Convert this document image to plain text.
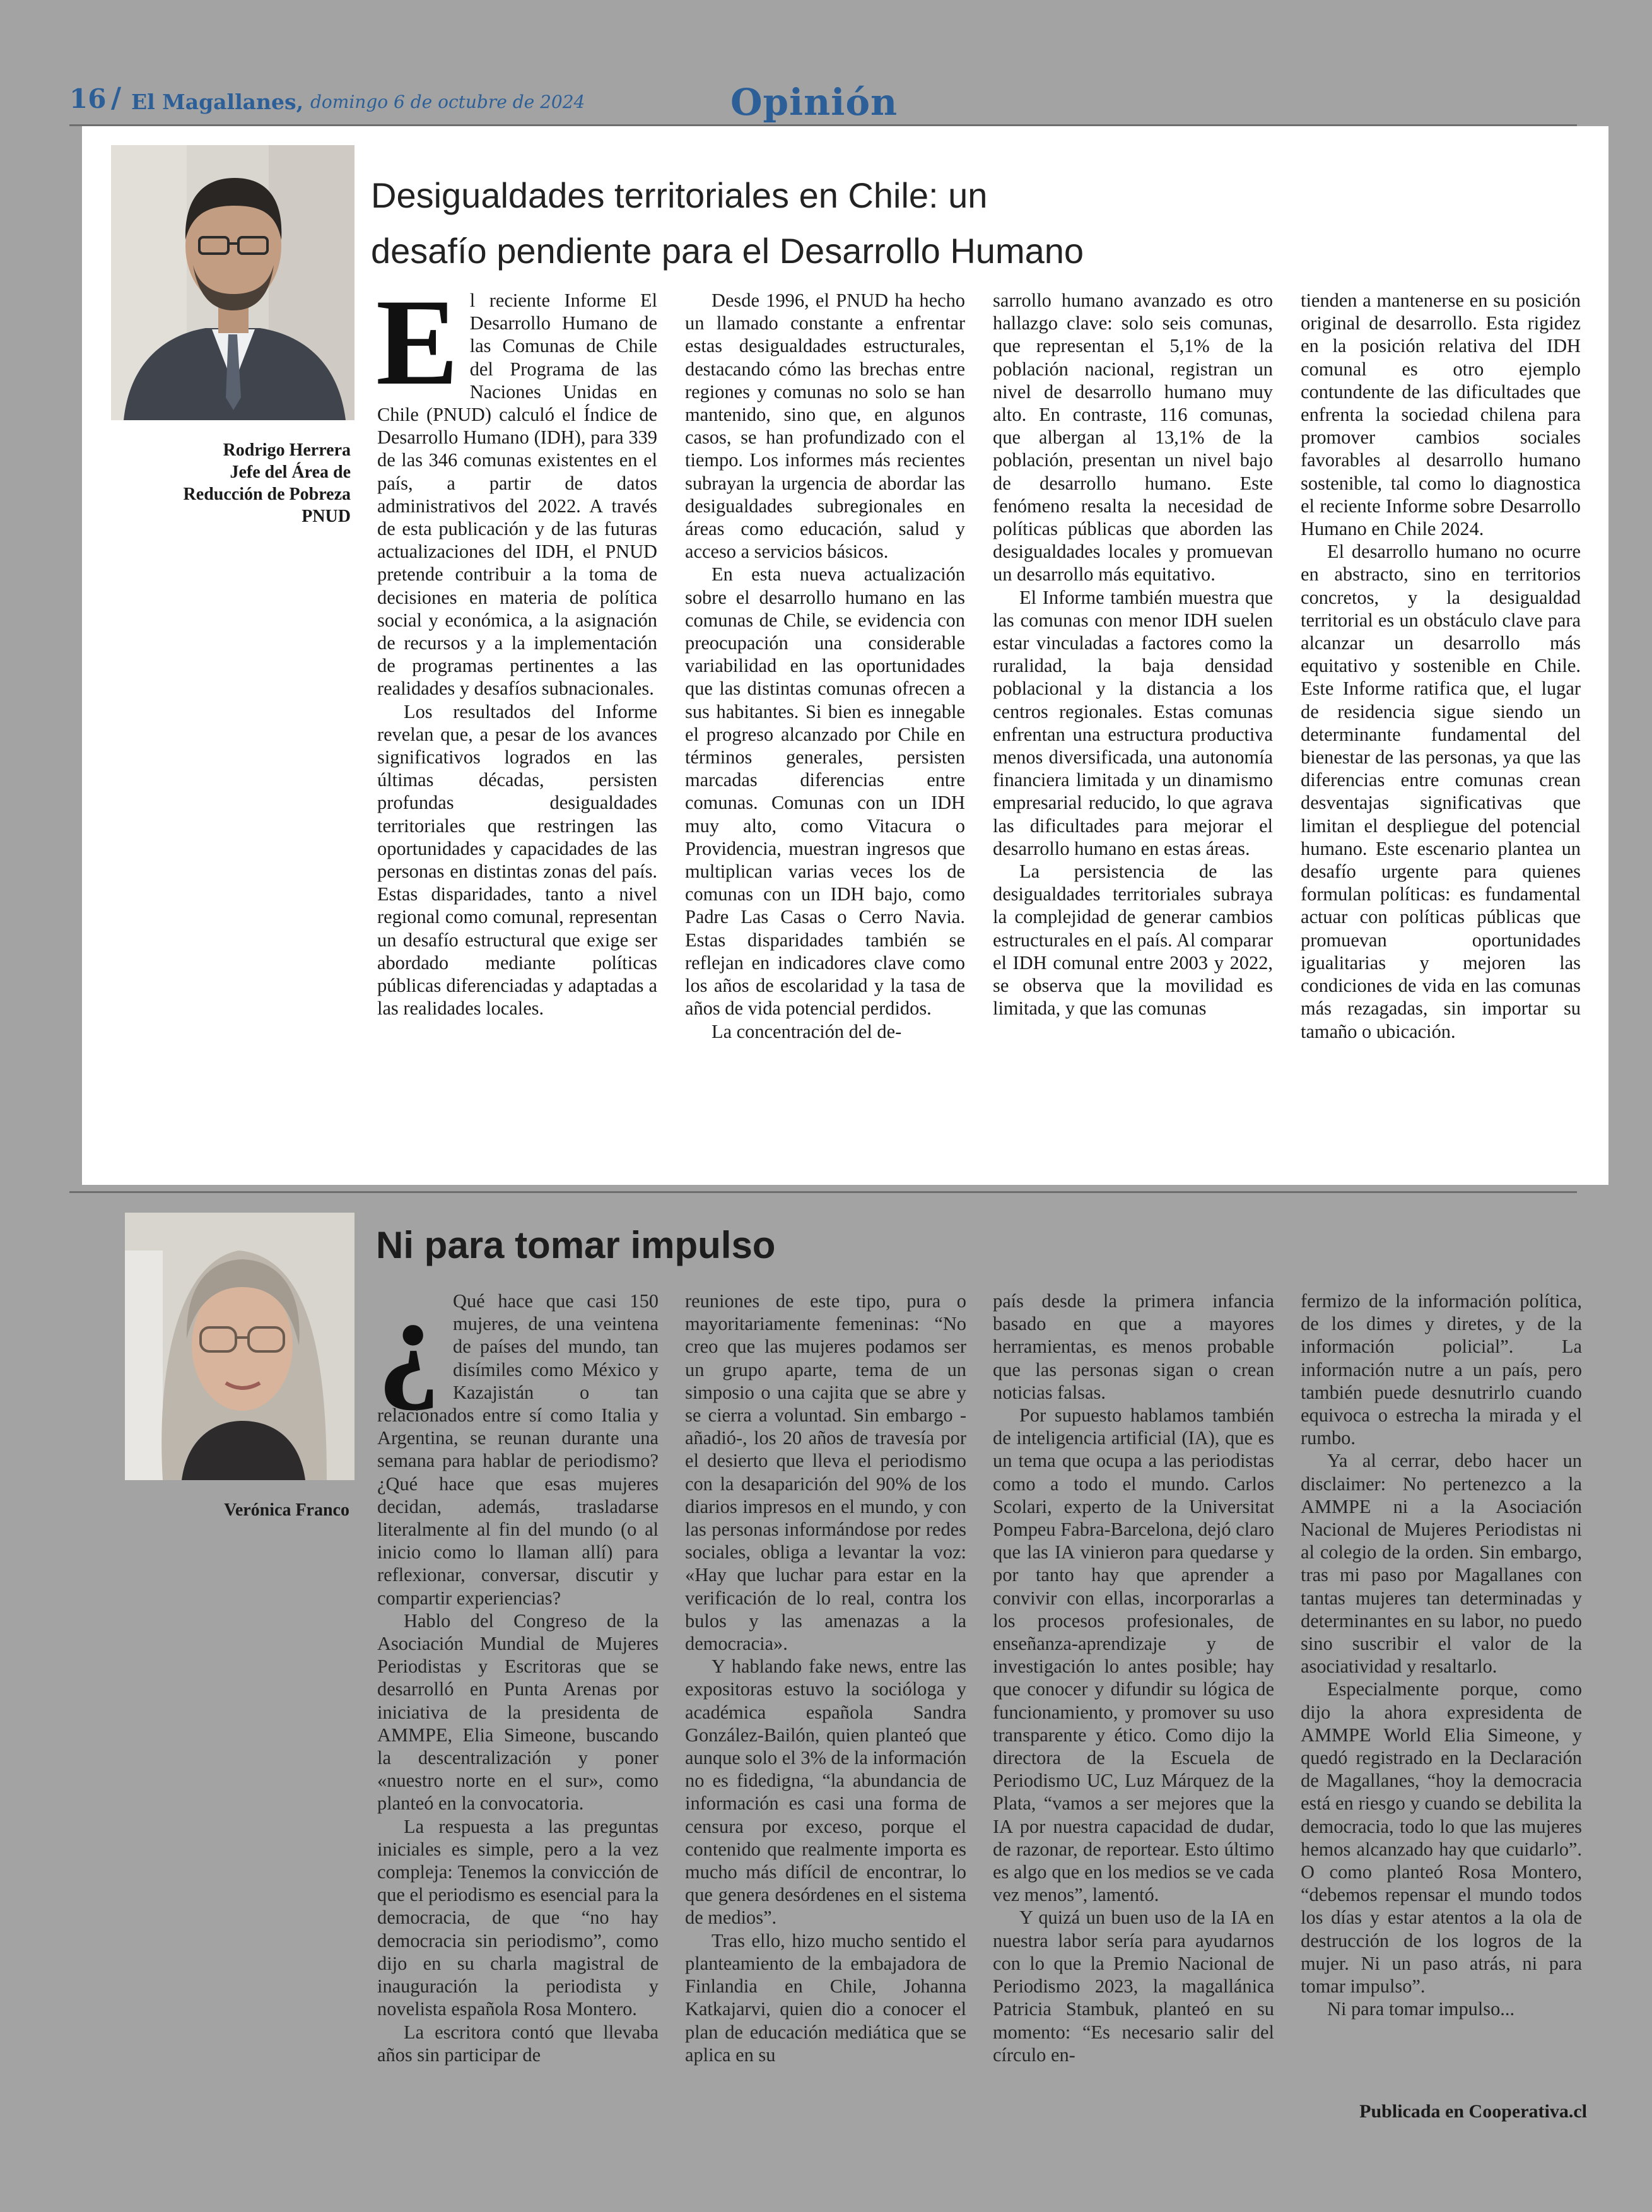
16 / El Magallanes, domingo 6 de octubre de 2024	Opinión
Rodrigo Herrera
Jefe del Área de
Reducción de Pobreza
PNUD
Desigualdades territoriales en Chile: un
desafío pendiente para el Desarrollo Humano
E l reciente Informe El Desarrollo Humano de las Comunas de Chile del Programa de las Naciones Unidas en Chile (PNUD) calculó el Índice de Desarrollo Humano (IDH), para 339 de las 346 comunas existentes en el país, a partir de datos administrativos del 2022. A través de esta publicación y de las futuras actualizaciones del IDH, el PNUD pretende contribuir a la toma de decisiones en materia de política social y económica, a la asignación de recursos y a la implementación de programas pertinentes a las realidades y desafíos subnacionales.

Los resultados del Informe revelan que, a pesar de los avances significativos logrados en las últimas décadas, persisten profundas desigualdades territoriales que restringen las oportunidades y capacidades de las personas en distintas zonas del país. Estas disparidades, tanto a nivel regional como comunal, representan un desafío estructural que exige ser abordado mediante políticas públicas diferenciadas y adaptadas a las realidades locales.

Desde 1996, el PNUD ha hecho un llamado constante a enfrentar estas desigualdades estructurales, destacando cómo las brechas entre regiones y comunas no solo se han mantenido, sino que, en algunos casos, se han profundizado con el tiempo. Los informes más recientes subrayan la urgencia de abordar las desigualdades subregionales en áreas como educación, salud y acceso a servicios básicos.

En esta nueva actualización sobre el desarrollo humano en las comunas de Chile, se evidencia con preocupación una considerable variabilidad en las oportunidades que las distintas comunas ofrecen a sus habitantes. Si bien es innegable el progreso alcanzado por Chile en términos generales, persisten marcadas diferencias entre comunas. Comunas con un IDH muy alto, como Vitacura o Providencia, muestran ingresos que multiplican varias veces los de comunas con un IDH bajo, como Padre Las Casas o Cerro Navia. Estas disparidades también se reflejan en indicadores clave como los años de escolaridad y la tasa de años de vida potencial perdidos.

La concentración del de-

sarrollo humano avanzado es otro hallazgo clave: solo seis comunas, que representan el 5,1% de la población nacional, registran un nivel de desarrollo humano muy alto. En contraste, 116 comunas, que albergan al 13,1% de la población, presentan un nivel bajo de desarrollo humano. Este fenómeno resalta la necesidad de políticas públicas que aborden las desigualdades locales y promuevan un desarrollo más equitativo.

El Informe también muestra que las comunas con menor IDH suelen estar vinculadas a factores como la ruralidad, la baja densidad poblacional y la distancia a los centros regionales. Estas comunas enfrentan una estructura productiva menos diversificada, una autonomía financiera limitada y un dinamismo empresarial reducido, lo que agrava las dificultades para mejorar el desarrollo humano en estas áreas.

La persistencia de las desigualdades territoriales subraya la complejidad de generar cambios estructurales en el país. Al comparar el IDH comunal entre 2003 y 2022, se observa que la movilidad es limitada, y que las comunas

tienden a mantenerse en su posición original de desarrollo. Esta rigidez en la posición relativa del IDH comunal es otro ejemplo contundente de las dificultades que enfrenta la sociedad chilena para promover cambios sociales favorables al desarrollo humano sostenible, tal como lo diagnostica el reciente Informe sobre Desarrollo Humano en Chile 2024.

El desarrollo humano no ocurre en abstracto, sino en territorios concretos, y la desigualdad territorial es un obstáculo clave para alcanzar un desarrollo más equitativo y sostenible en Chile. Este Informe ratifica que, el lugar de residencia sigue siendo un determinante fundamental del bienestar de las personas, ya que las diferencias entre comunas crean desventajas significativas que limitan el despliegue del potencial humano. Este escenario plantea un desafío urgente para quienes formulan políticas: es fundamental actuar con políticas públicas que promuevan oportunidades igualitarias y mejoren las condiciones de vida en las comunas más rezagadas, sin importar su tamaño o ubicación.

Verónica Franco
Ni para tomar impulso
¿ Qué hace que casi 150 mujeres, de una veintena de países del mundo, tan disímiles como México y Kazajistán o tan relacionados entre sí como Italia y Argentina, se reunan durante una semana para hablar de periodismo? ¿Qué hace que esas mujeres decidan, además, trasladarse literalmente al fin del mundo (o al inicio como lo llaman allí) para reflexionar, conversar, discutir y compartir experiencias?

Hablo del Congreso de la Asociación Mundial de Mujeres Periodistas y Escritoras que se desarrolló en Punta Arenas por iniciativa de la presidenta de AMMPE, Elia Simeone, buscando la descentralización y poner «nuestro norte en el sur», como planteó en la convocatoria.

La respuesta a las preguntas iniciales es simple, pero a la vez compleja: Tenemos la convicción de que el periodismo es esencial para la democracia, de que “no hay democracia sin periodismo”, como dijo en su charla magistral de inauguración la periodista y novelista española Rosa Montero.

La escritora contó que llevaba años sin participar de

reuniones de este tipo, pura o mayoritariamente femeninas: “No creo que las mujeres podamos ser un grupo aparte, tema de un simposio o una cajita que se abre y se cierra a voluntad. Sin embargo -añadió-, los 20 años de travesía por el desierto que lleva el periodismo con la desaparición del 90% de los diarios impresos en el mundo, y con las personas informándose por redes sociales, obliga a levantar la voz: «Hay que luchar para estar en la verificación de lo real, contra los bulos y las amenazas a la democracia».

Y hablando fake news, entre las expositoras estuvo la socióloga y académica española Sandra González-Bailón, quien planteó que aunque solo el 3% de la información no es fidedigna, “la abundancia de información es casi una forma de censura por exceso, porque el contenido que realmente importa es mucho más difícil de encontrar, lo que genera desórdenes en el sistema de medios”.

Tras ello, hizo mucho sentido el planteamiento de la embajadora de Finlandia en Chile, Johanna Katkajarvi, quien dio a conocer el plan de educación mediática que se aplica en su

país desde la primera infancia basado en que a mayores herramientas, es menos probable que las personas sigan o crean noticias falsas.

Por supuesto hablamos también de inteligencia artificial (IA), que es un tema que ocupa a las periodistas como a todo el mundo. Carlos Scolari, experto de la Universitat Pompeu Fabra-Barcelona, dejó claro que las IA vinieron para quedarse y por tanto hay que aprender a convivir con ellas, incorporarlas a los procesos profesionales, de enseñanza-aprendizaje y de investigación lo antes posible; hay que conocer y difundir su lógica de funcionamiento, y promover su uso transparente y ético. Como dijo la directora de la Escuela de Periodismo UC, Luz Márquez de la Plata, “vamos a ser mejores que la IA por nuestra capacidad de dudar, de razonar, de reportear. Esto último es algo que en los medios se ve cada vez menos”, lamentó.

Y quizá un buen uso de la IA en nuestra labor sería para ayudarnos con lo que la Premio Nacional de Periodismo 2023, la magallánica Patricia Stambuk, planteó en su momento: “Es necesario salir del círculo en-

fermizo de la información política, de los dimes y diretes, y de la información policial”. La información nutre a un país, pero también puede desnutrirlo cuando equivoca o estrecha la mirada y el rumbo.

Ya al cerrar, debo hacer un disclaimer: No pertenezco a la AMMPE ni a la Asociación Nacional de Mujeres Periodistas ni al colegio de la orden. Sin embargo, tras mi paso por Magallanes con tantas mujeres tan determinadas y determinantes en su labor, no puedo sino suscribir el valor de la asociatividad y resaltarlo.

Especialmente porque, como dijo la ahora expresidenta de AMMPE World Elia Simeone, y quedó registrado en la Declaración de Magallanes, “hoy la democracia está en riesgo y cuando se debilita la democracia, todo lo que las mujeres hemos alcanzado hay que cuidarlo”. O como planteó Rosa Montero, “debemos repensar el mundo todos los días y estar atentos a la ola de destrucción de los logros de la mujer. Ni un paso atrás, ni para tomar impulso”.

Ni para tomar impulso...

Publicada en Cooperativa.cl
